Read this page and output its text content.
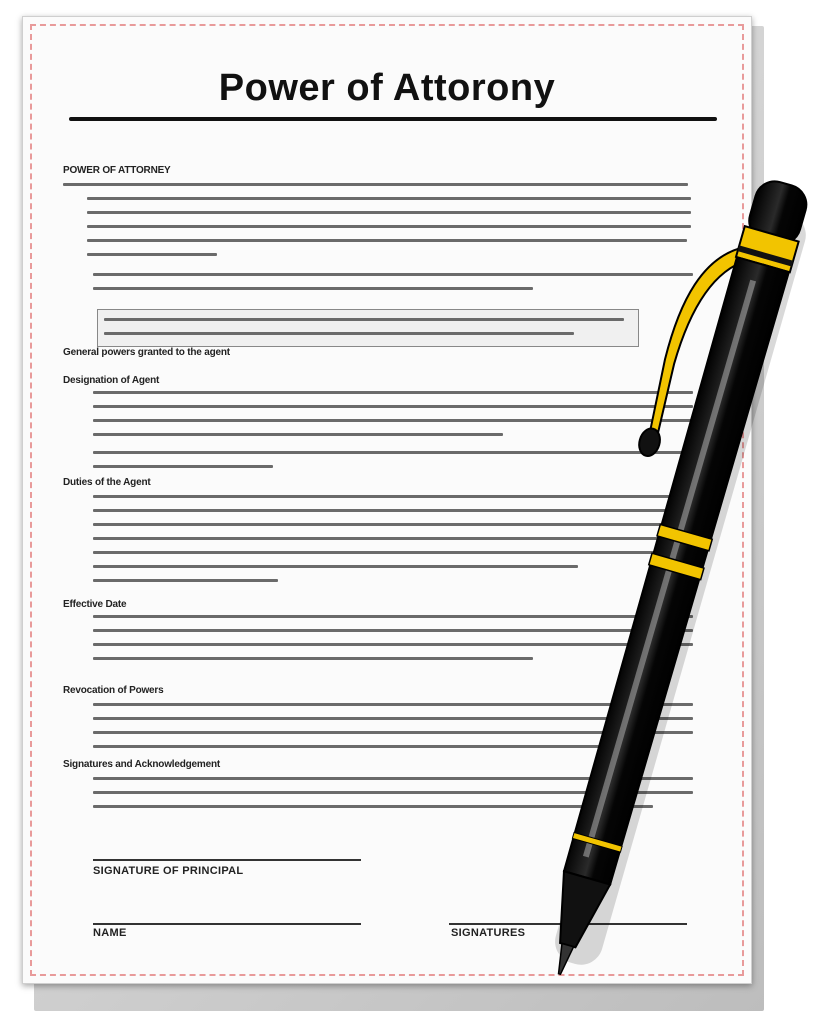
Power of Attorony
POWER OF ATTORNEY
General powers granted to the agent
Designation of Agent
Duties of the Agent
Effective Date
Revocation of Powers
Signatures and Acknowledgement
SIGNATURE OF PRINCIPAL
NAME	SIGNATURES
